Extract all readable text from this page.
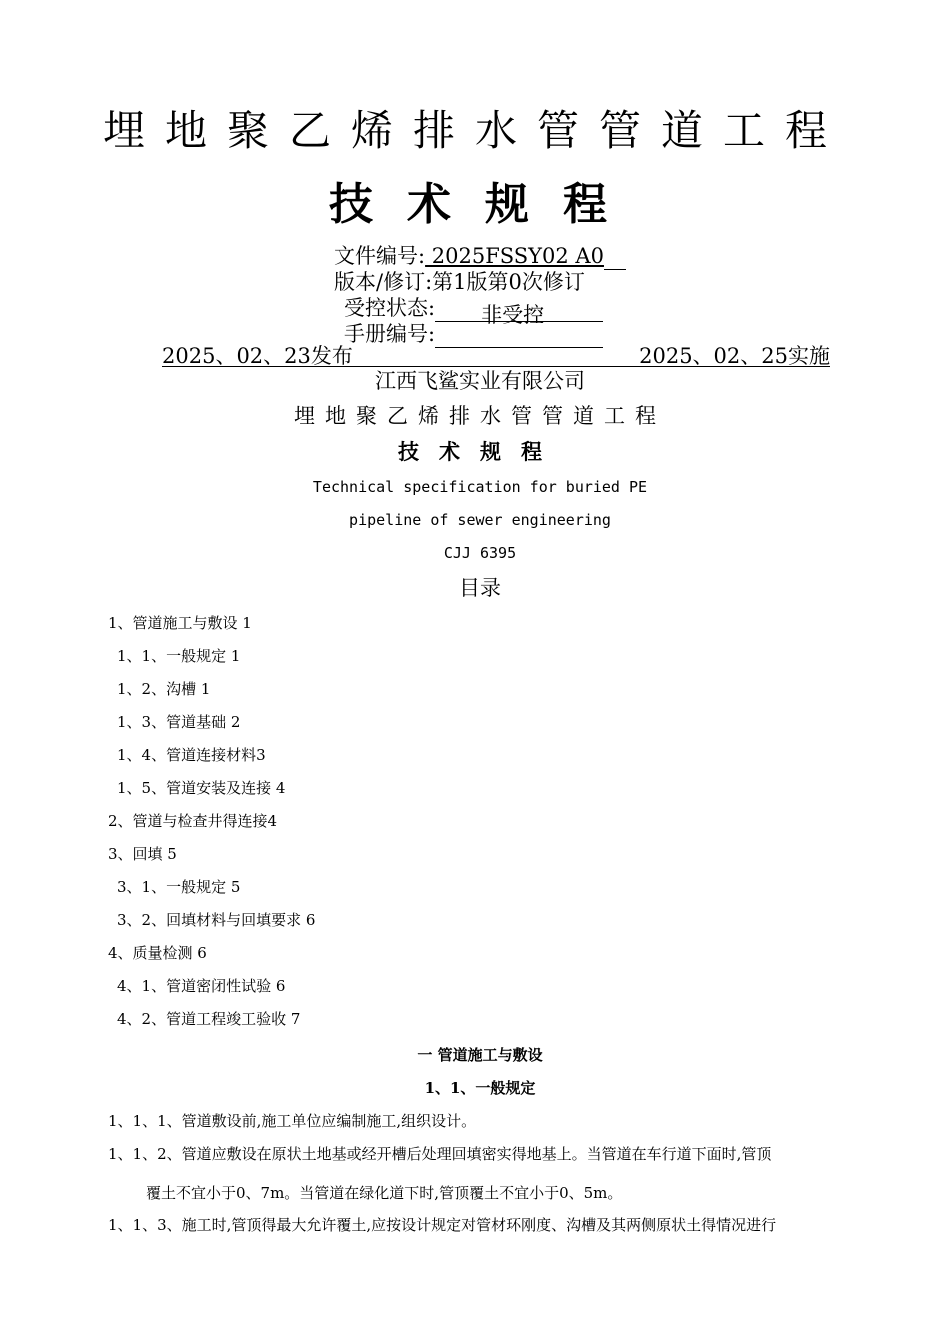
埋地聚乙烯排水管管道工程
技术规程
文件编号: 2025FSSY02 A0
版本/修订:第1版第0次修订
受控状态: 非受控
手册编号:
2025、02、23发布	2025、02、25实施
江西飞鲨实业有限公司
埋地聚乙烯排水管管道工程
技术规程
Technical specification for buried PE
pipeline of sewer engineering
CJJ 6395
目录
1、管道施工与敷设 1
1、1、一般规定 1
1、2、沟槽 1
1、3、管道基础 2
1、4、管道连接材料3
1、5、管道安装及连接 4
2、管道与检查井得连接4
3、回填 5
3、1、一般规定 5
3、2、回填材料与回填要求 6
4、质量检测 6
4、1、管道密闭性试验 6
4、2、管道工程竣工验收 7
一 管道施工与敷设
1、1、一般规定
1、1、1、管道敷设前,施工单位应编制施工,组织设计。
1、1、2、管道应敷设在原状土地基或经开槽后处理回填密实得地基上。当管道在车行道下面时,管顶
覆土不宜小于0、7m。当管道在绿化道下时,管顶覆土不宜小于0、5m。
1、1、3、施工时,管顶得最大允许覆土,应按设计规定对管材环刚度、沟槽及其两侧原状土得情况进行
